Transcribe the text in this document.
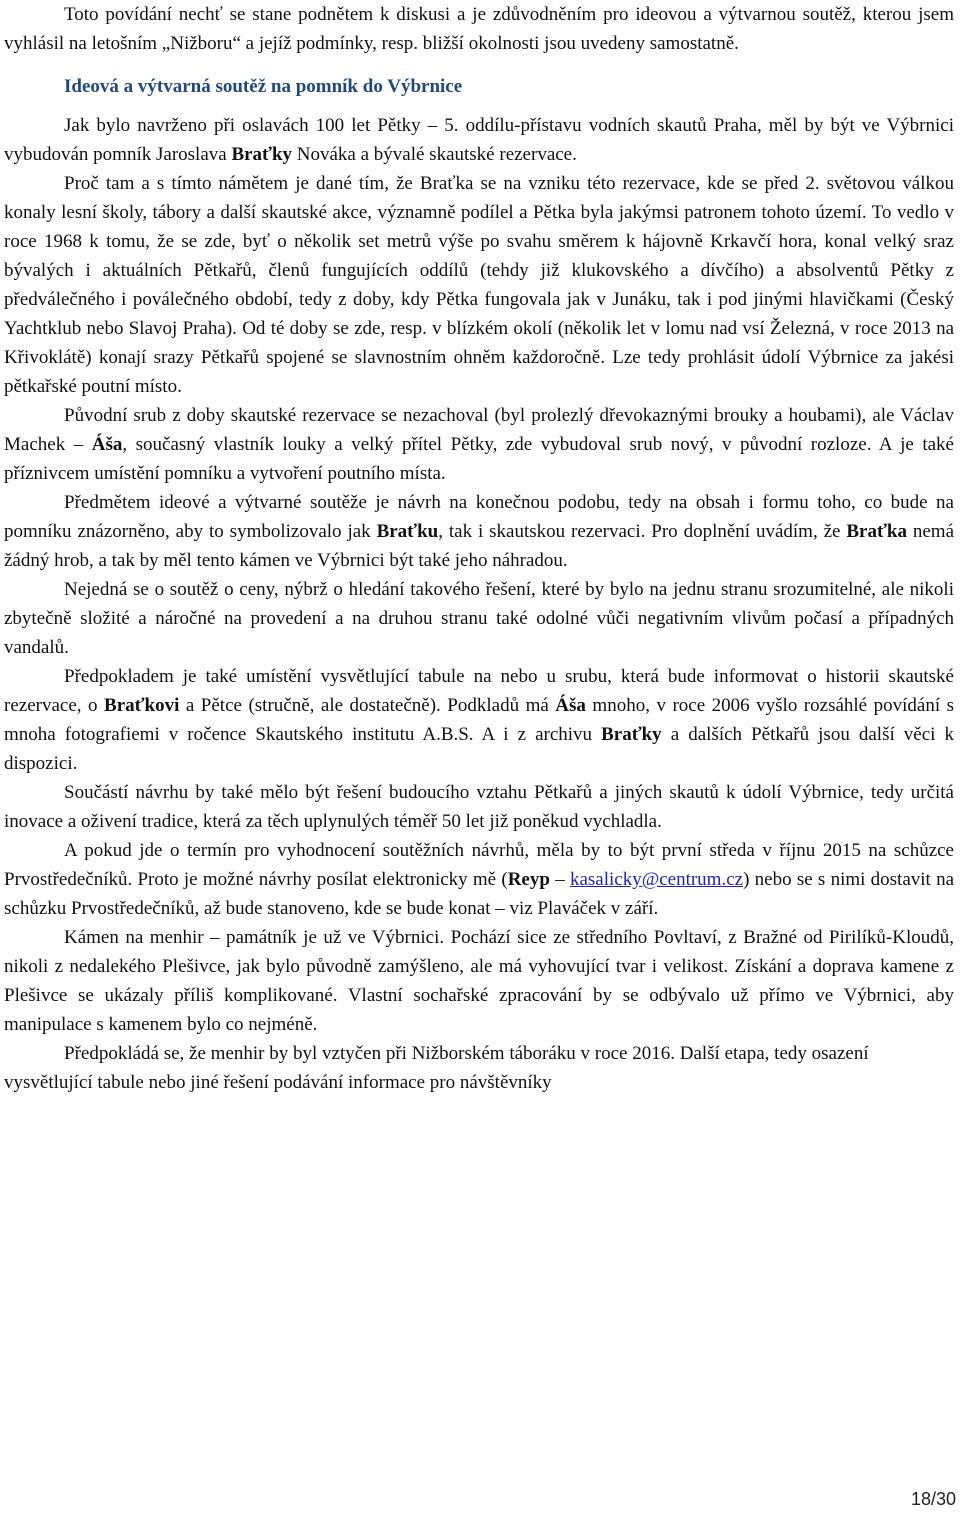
Toto povídání nechť se stane podnětem k diskusi a je zdůvodněním pro ideovou a výtvarnou soutěž, kterou jsem vyhlásil na letošním „Nižboru“ a jejíž podmínky, resp. bližší okolnosti jsou uvedeny samostatně.

Ideová a výtvarná soutěž na pomník do Výbrnice

Jak bylo navrženo při oslavách 100 let Pětky – 5. oddílu-přístavu vodních skautů Praha, měl by být ve Výbrnici vybudován pomník Jaroslava Braťky Nováka a bývalé skautské rezervace.

Proč tam a s tímto námětem je dané tím, že Braťka se na vzniku této rezervace, kde se před 2. světovou válkou konaly lesní školy, tábory a další skautské akce, významně podílel a Pětka byla jakýmsi patronem tohoto území. To vedlo v roce 1968 k tomu, že se zde, byť o několik set metrů výše po svahu směrem k hájovně Krkavčí hora, konal velký sraz bývalých i aktuálních Pětkařů, členů fungujících oddílů (tehdy již klukovského a dívčího) a absolventů Pětky z předválečného i poválečného období, tedy z doby, kdy Pětka fungovala jak v Junáku, tak i pod jinými hlavičkami (Český Yachtklub nebo Slavoj Praha). Od té doby se zde, resp. v blízkém okolí (několik let v lomu nad vsí Železná, v roce 2013 na Křivoklátě) konají srazy Pětkařů spojené se slavnostním ohněm každoročně. Lze tedy prohlásit údolí Výbrnice za jakési pětkařské poutní místo.

Původní srub z doby skautské rezervace se nezachoval (byl prolezlý dřevokaznými brouky a houbami), ale Václav Machek – Áša, současný vlastník louky a velký přítel Pětky, zde vybudoval srub nový, v původní rozloze. A je také příznivcem umístění pomníku a vytvoření poutního místa.

Předmětem ideové a výtvarné soutěže je návrh na konečnou podobu, tedy na obsah i formu toho, co bude na pomníku znázorněno, aby to symbolizovalo jak Braťku, tak i skautskou rezervaci. Pro doplnění uvádím, že Braťka nemá žádný hrob, a tak by měl tento kámen ve Výbrnici být také jeho náhradou.

Nejedná se o soutěž o ceny, nýbrž o hledání takového řešení, které by bylo na jednu stranu srozumitelné, ale nikoli zbytečně složité a náročné na provedení a na druhou stranu také odolné vůči negativním vlivům počasí a případných vandalů.

Předpokladem je také umístění vysvětlující tabule na nebo u srubu, která bude informovat o historii skautské rezervace, o Braťkovi a Pětce (stručně, ale dostatečně). Podkladů má Áša mnoho, v roce 2006 vyšlo rozsáhlé povídání s mnoha fotografiemi v ročence Skautského institutu A.B.S. A i z archivu Braťky a dalších Pětkařů jsou další věci k dispozici.

Součástí návrhu by také mělo být řešení budoucího vztahu Pětkařů a jiných skautů k údolí Výbrnice, tedy určitá inovace a oživení tradice, která za těch uplynulých téměř 50 let již poněkud vychladla.

A pokud jde o termín pro vyhodnocení soutěžních návrhů, měla by to být první středa v říjnu 2015 na schůzce Prvostředečníků. Proto je možné návrhy posílat elektronicky mě (Reyp – kasalicky@centrum.cz) nebo se s nimi dostavit na schůzku Prvostředečníků, až bude stanoveno, kde se bude konat – viz Plaváček v září.

Kámen na menhir – památník je už ve Výbrnici. Pochází sice ze středního Povltaví, z Bražné od Pirilíků-Kloudů, nikoli z nedalekého Plešivce, jak bylo původně zamýšleno, ale má vyhovující tvar i velikost. Získání a doprava kamene z Plešivce se ukázaly příliš komplikované. Vlastní sochařské zpracování by se odbývalo už přímo ve Výbrnici, aby manipulace s kamenem bylo co nejméně.

Předpokládá se, že menhir by byl vztyčen při Nižborském táboráku v roce 2016. Další etapa, tedy osazení vysvětlující tabule nebo jiné řešení podávání informace pro návštěvníky

18/30
